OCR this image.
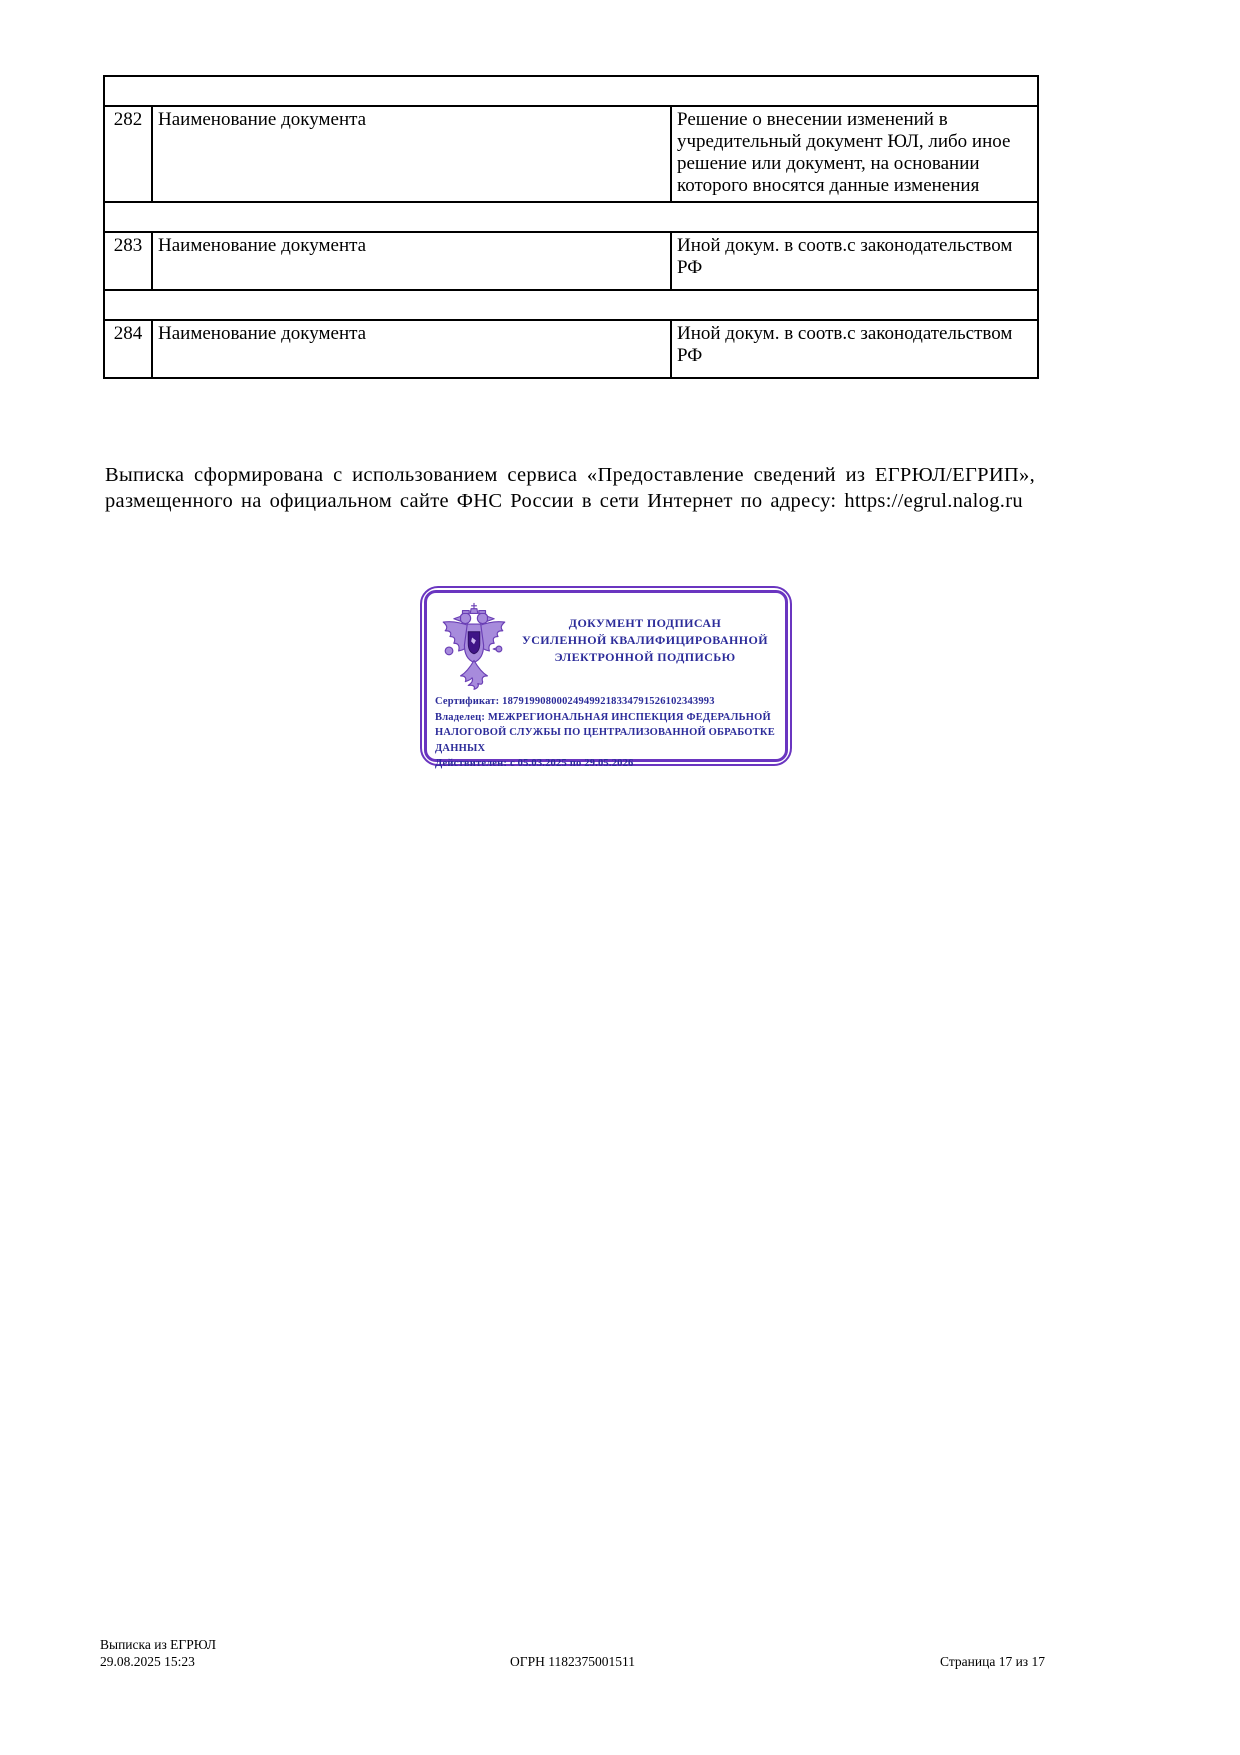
282	Наименование документа	Решение о внесении изменений в учредительный документ ЮЛ, либо иное решение или документ, на основании которого вносятся данные изменения

283	Наименование документа	Иной докум. в соотв.с законодательством РФ

284	Наименование документа	Иной докум. в соотв.с законодательством РФ

Выписка сформирована с использованием сервиса «Предоставление сведений из ЕГРЮЛ/ЕГРИП», размещенного на официальном сайте ФНС России в сети Интернет по адресу: https://egrul.nalog.ru

ДОКУМЕНТ ПОДПИСАН
УСИЛЕННОЙ КВАЛИФИЦИРОВАННОЙ
ЭЛЕКТРОННОЙ ПОДПИСЬЮ

Сертификат: 187919908000249499218334791526102343993

Владелец: МЕЖРЕГИОНАЛЬНАЯ ИНСПЕКЦИЯ ФЕДЕРАЛЬНОЙ НАЛОГОВОЙ СЛУЖБЫ ПО ЦЕНТРАЛИЗОВАННОЙ ОБРАБОТКЕ ДАННЫХ

Действителен: с 05.03.2025 по 29.05.2026

Выписка из ЕГРЮЛ
29.08.2025 15:23	ОГРН 1182375001511	Страница 17 из 17
